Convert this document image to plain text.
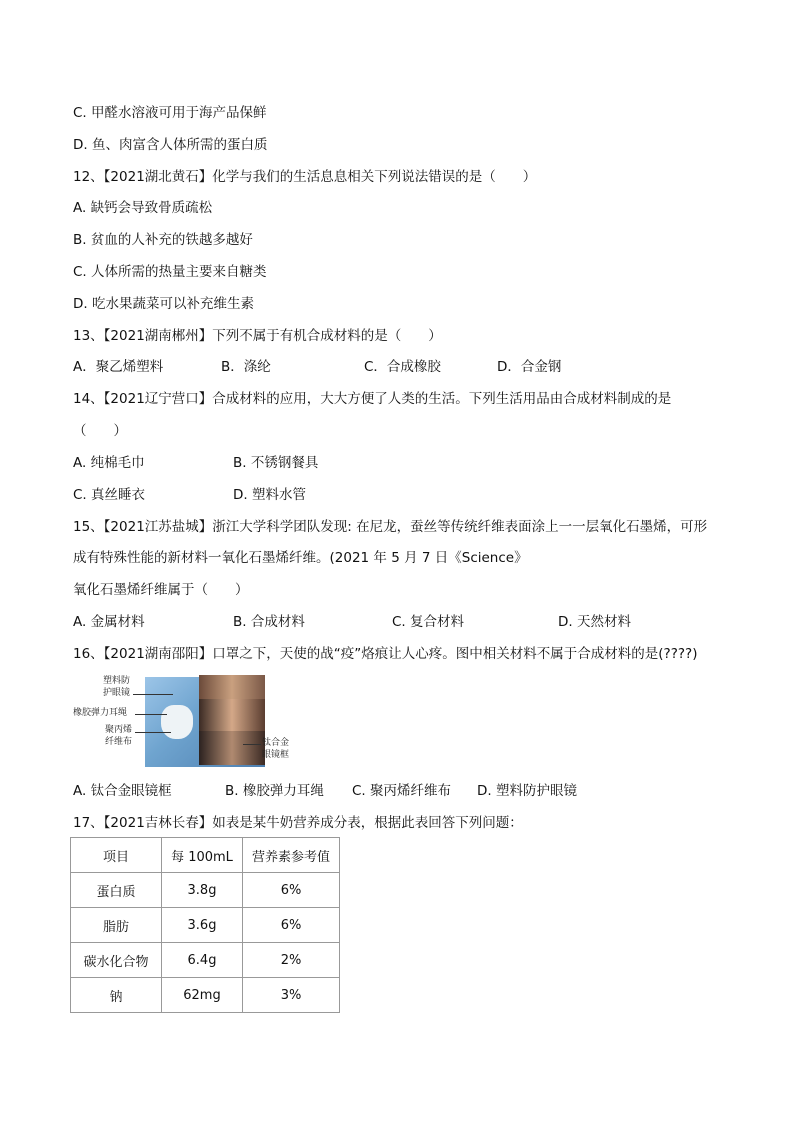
C. 甲醛水溶液可用于海产品保鲜
D. 鱼、肉富含人体所需的蛋白质
12、【2021湖北黄石】化学与我们的生活息息相关下列说法错误的是（　　）
A. 缺钙会导致骨质疏松
B. 贫血的人补充的铁越多越好
C. 人体所需的热量主要来自糖类
D. 吃水果蔬菜可以补充维生素
13、【2021湖南郴州】下列不属于有机合成材料的是（　　）
A．聚乙烯塑料	B．涤纶	C．合成橡胶	D．合金钢
14、【2021辽宁营口】合成材料的应用，大大方便了人类的生活。下列生活用品由合成材料制成的是
（　　）
A. 纯棉毛巾	B. 不锈钢餐具
C. 真丝睡衣	D. 塑料水管
15、【2021江苏盐城】浙江大学科学团队发现: 在尼龙，蚕丝等传统纤维表面涂上一一层氧化石墨烯，可形
成有特殊性能的新材料一氧化石墨烯纤维。(2021 年 5 月 7 日《Science》
氧化石墨烯纤维属于（　　）
A. 金属材料	B. 合成材料	C. 复合材料	D. 天然材料
16、【2021湖南邵阳】口罩之下，天使的战“疫”烙痕让人心疼。图中相关材料不属于合成材料的是(????)
塑料防
护眼镜
橡胶弹力耳绳
聚丙烯
纤维布	钛合金
眼镜框
A. 钛合金眼镜框	B. 橡胶弹力耳绳 C. 聚丙烯纤维布 D. 塑料防护眼镜
17、【2021吉林长春】如表是某牛奶营养成分表，根据此表回答下列问题：
项目	每 100mL	营养素参考值
蛋白质	3.8g	6%
脂肪	3.6g	6%
碳水化合物	6.4g	2%
钠	62mg	3%
